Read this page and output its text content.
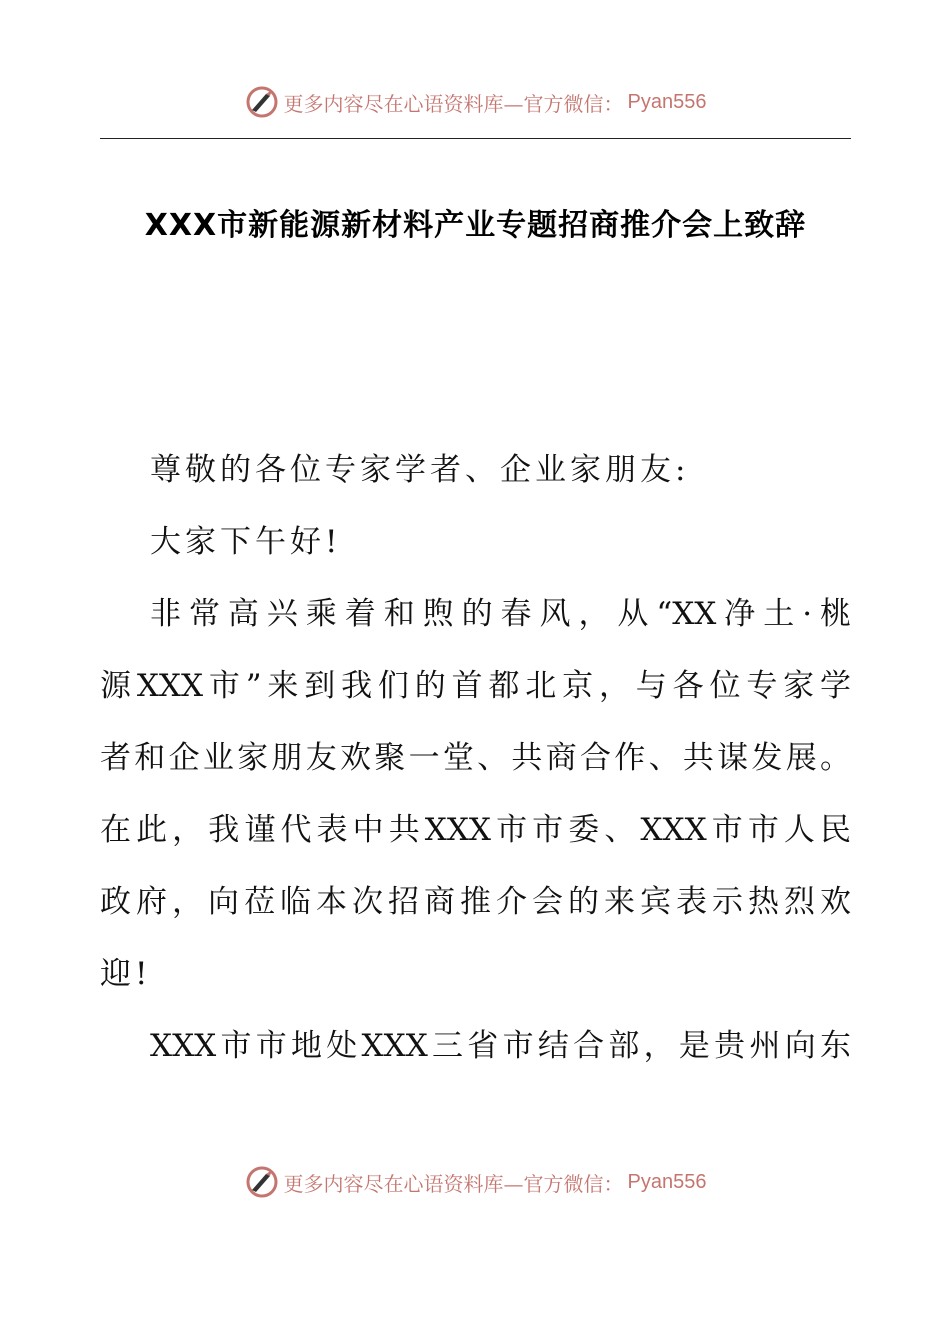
更多内容尽在心语资料库—官方微信： Pyan556
XXX市新能源新材料产业专题招商推介会上致辞
尊敬的各位专家学者、企业家朋友:
大家下午好!
非常高兴乘着和煦的春风，从“XX净土·桃
源XXX市”来到我们的首都北京，与各位专家学
者和企业家朋友欢聚一堂、共商合作、共谋发展。
在此，我谨代表中共XXX市市委、XXX市市人民
政府，向莅临本次招商推介会的来宾表示热烈欢
迎!
XXX市市地处XXX三省市结合部，是贵州向东
更多内容尽在心语资料库—官方微信： Pyan556
